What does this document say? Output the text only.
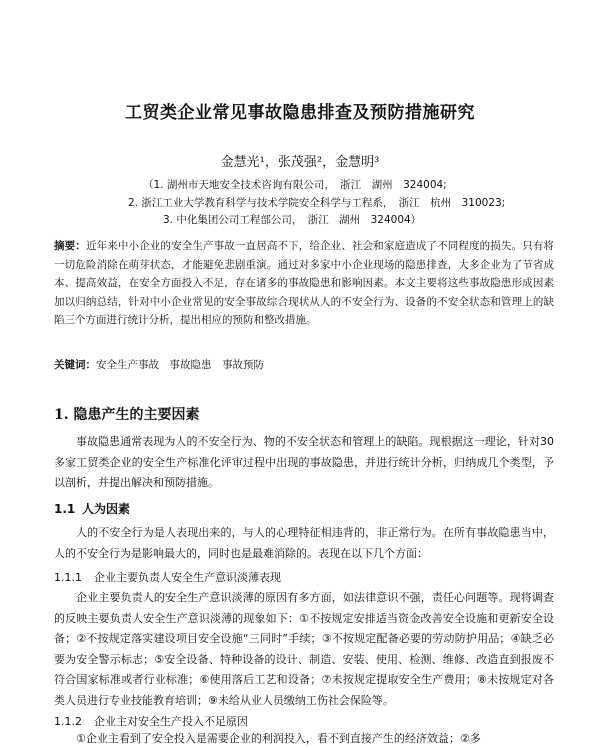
工贸类企业常见事故隐患排查及预防措施研究
金慧光¹，张茂强²，金慧明³
（1. 湖州市天地安全技术咨询有限公司，　浙江　湖州　324004;
2. 浙江工业大学教育科学与技术学院安全科学与工程系，　浙江　杭州　310023;
3. 中化集团公司工程部公司，　浙江　湖州　324004）
摘要：近年来中小企业的安全生产事故一直居高不下，给企业、社会和家庭造成了不同程度的损失。只有将一切危险消除在萌芽状态，才能避免悲剧重演。通过对多家中小企业现场的隐患排查，大多企业为了节省成本、提高效益，在安全方面投入不足，存在诸多的事故隐患和影响因素。本文主要将这些事故隐患形成因素加以归纳总结，针对中小企业常见的安全事故综合现状从人的不安全行为、设备的不安全状态和管理上的缺陷三个方面进行统计分析，提出相应的预防和整改措施。
关键词：安全生产事故　事故隐患　事故预防
1. 隐患产生的主要因素

事故隐患通常表现为人的不安全行为、物的不安全状态和管理上的缺陷。现根据这一理论，针对30多家工贸类企业的安全生产标准化评审过程中出现的事故隐患，并进行统计分析，归纳成几个类型，予以剖析，并提出解决和预防措施。

1.1 人为因素

人的不安全行为是人表现出来的，与人的心理特征相违背的，非正常行为。在所有事故隐患当中，人的不安全行为是影响最大的，同时也是最难消除的。表现在以下几个方面：

1.1.1 企业主要负责人安全生产意识淡薄表现

企业主要负责人的安全生产意识淡薄的原因有多方面，如法律意识不强，责任心问题等。现将调查的反映主要负责人安全生产意识淡薄的现象如下：①不按规定安排适当资金改善安全设施和更新安全设备；②不按规定落实建设项目安全设施“三同时”手续；③不按规定配备必要的劳动防护用品；④缺乏必要为安全警示标志；⑤安全设备、特种设备的设计、制造、安装、使用、检测、维修、改造直到报废不符合国家标准或者行业标准；⑥使用落后工艺和设备；⑦未按规定提取安全生产费用；⑧未按规定对各类人员进行专业技能教育培训；⑨未给从业人员缴纳工伤社会保险等。

1.1.2 企业主对安全生产投入不足原因

①企业主看到了安全投入是需要企业的利润投入，看不到直接产生的经济效益；②多
